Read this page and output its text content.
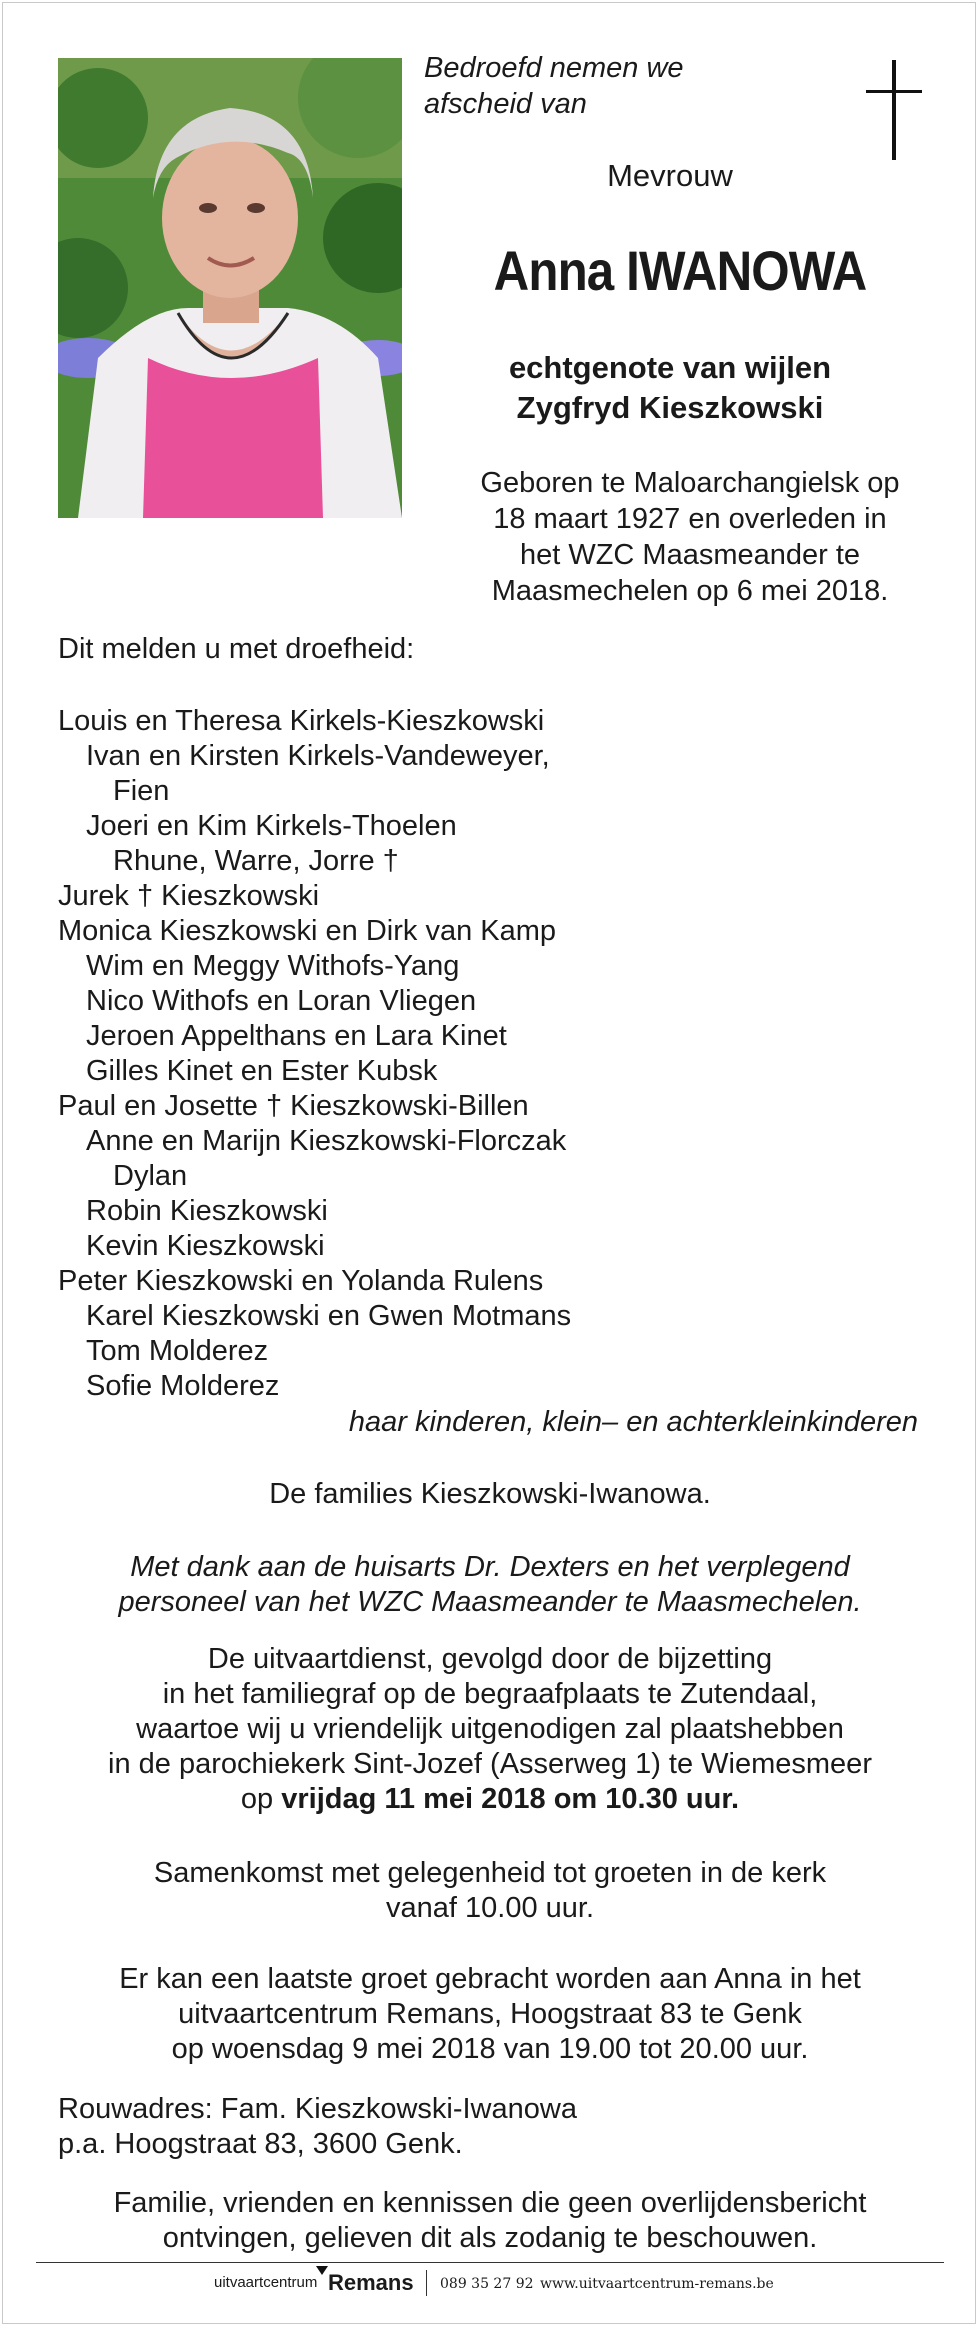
Bedroefd nemen we
afscheid van
Mevrouw
Anna IWANOWA
echtgenote van wijlen
Zygfryd Kieszkowski
Geboren te Maloarchangielsk op
18 maart 1927 en overleden in
het WZC Maasmeander te
Maasmechelen op 6 mei 2018.
Dit melden u met droefheid:
Louis en Theresa Kirkels-Kieszkowski
Ivan en Kirsten Kirkels-Vandeweyer,
Fien
Joeri en Kim Kirkels-Thoelen
Rhune, Warre, Jorre †
Jurek † Kieszkowski
Monica Kieszkowski en Dirk van Kamp
Wim en Meggy Withofs-Yang
Nico Withofs en Loran Vliegen
Jeroen Appelthans en Lara Kinet
Gilles Kinet en Ester Kubsk
Paul en Josette † Kieszkowski-Billen
Anne en Marijn Kieszkowski-Florczak
Dylan
Robin Kieszkowski
Kevin Kieszkowski
Peter Kieszkowski en Yolanda Rulens
Karel Kieszkowski en Gwen Motmans
Tom Molderez
Sofie Molderez
haar kinderen, klein– en achterkleinkinderen
De families Kieszkowski-Iwanowa.
Met dank aan de huisarts Dr. Dexters en het verplegend
personeel van het WZC Maasmeander te Maasmechelen.
De uitvaartdienst, gevolgd door de bijzetting
in het familiegraf op de begraafplaats te Zutendaal,
waartoe wij u vriendelijk uitgenodigen zal plaatshebben
in de parochiekerk Sint-Jozef (Asserweg 1) te Wiemesmeer
op vrijdag 11 mei 2018 om 10.30 uur.
Samenkomst met gelegenheid tot groeten in de kerk
vanaf 10.00 uur.
Er kan een laatste groet gebracht worden aan Anna in het
uitvaartcentrum Remans, Hoogstraat 83 te Genk
op woensdag 9 mei 2018 van 19.00 tot 20.00 uur.
Rouwadres: Fam. Kieszkowski-Iwanowa
p.a. Hoogstraat 83, 3600 Genk.
Familie, vrienden en kennissen die geen overlijdensbericht
ontvingen, gelieven dit als zodanig te beschouwen.
uitvaartcentrum Remans 089 35 27 92 www.uitvaartcentrum-remans.be
